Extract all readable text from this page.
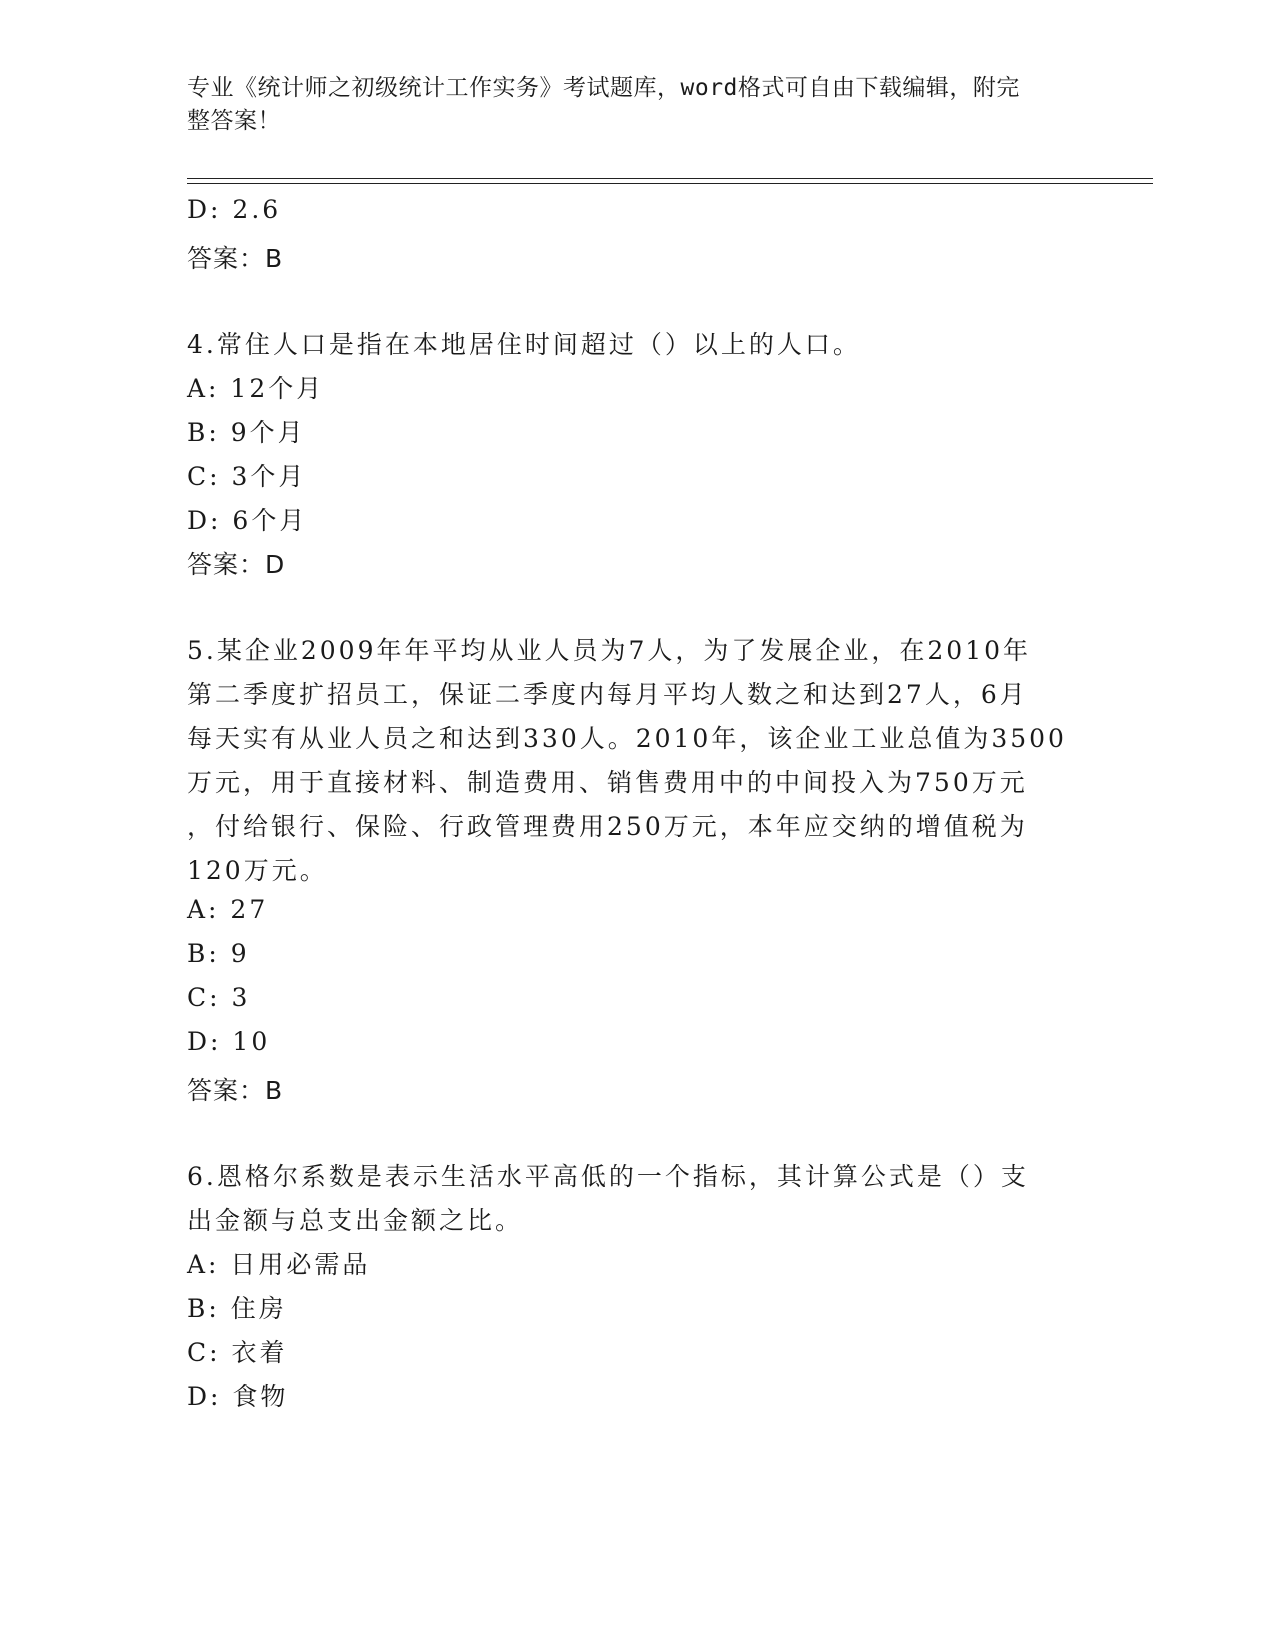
专业《统计师之初级统计工作实务》考试题库，word格式可自由下载编辑，附完
整答案！
D: 2.6
答案：B
4.常住人口是指在本地居住时间超过（）以上的人口。
A: 12个月
B: 9个月
C: 3个月
D: 6个月
答案：D
5.某企业2009年年平均从业人员为7人，为了发展企业，在2010年
第二季度扩招员工，保证二季度内每月平均人数之和达到27人，6月
每天实有从业人员之和达到330人。2010年，该企业工业总值为3500
万元，用于直接材料、制造费用、销售费用中的中间投入为750万元
，付给银行、保险、行政管理费用250万元，本年应交纳的增值税为
120万元。
A: 27
B: 9
C: 3
D: 10
答案：B
6.恩格尔系数是表示生活水平高低的一个指标，其计算公式是（）支
出金额与总支出金额之比。
A: 日用必需品
B: 住房
C: 衣着
D: 食物
